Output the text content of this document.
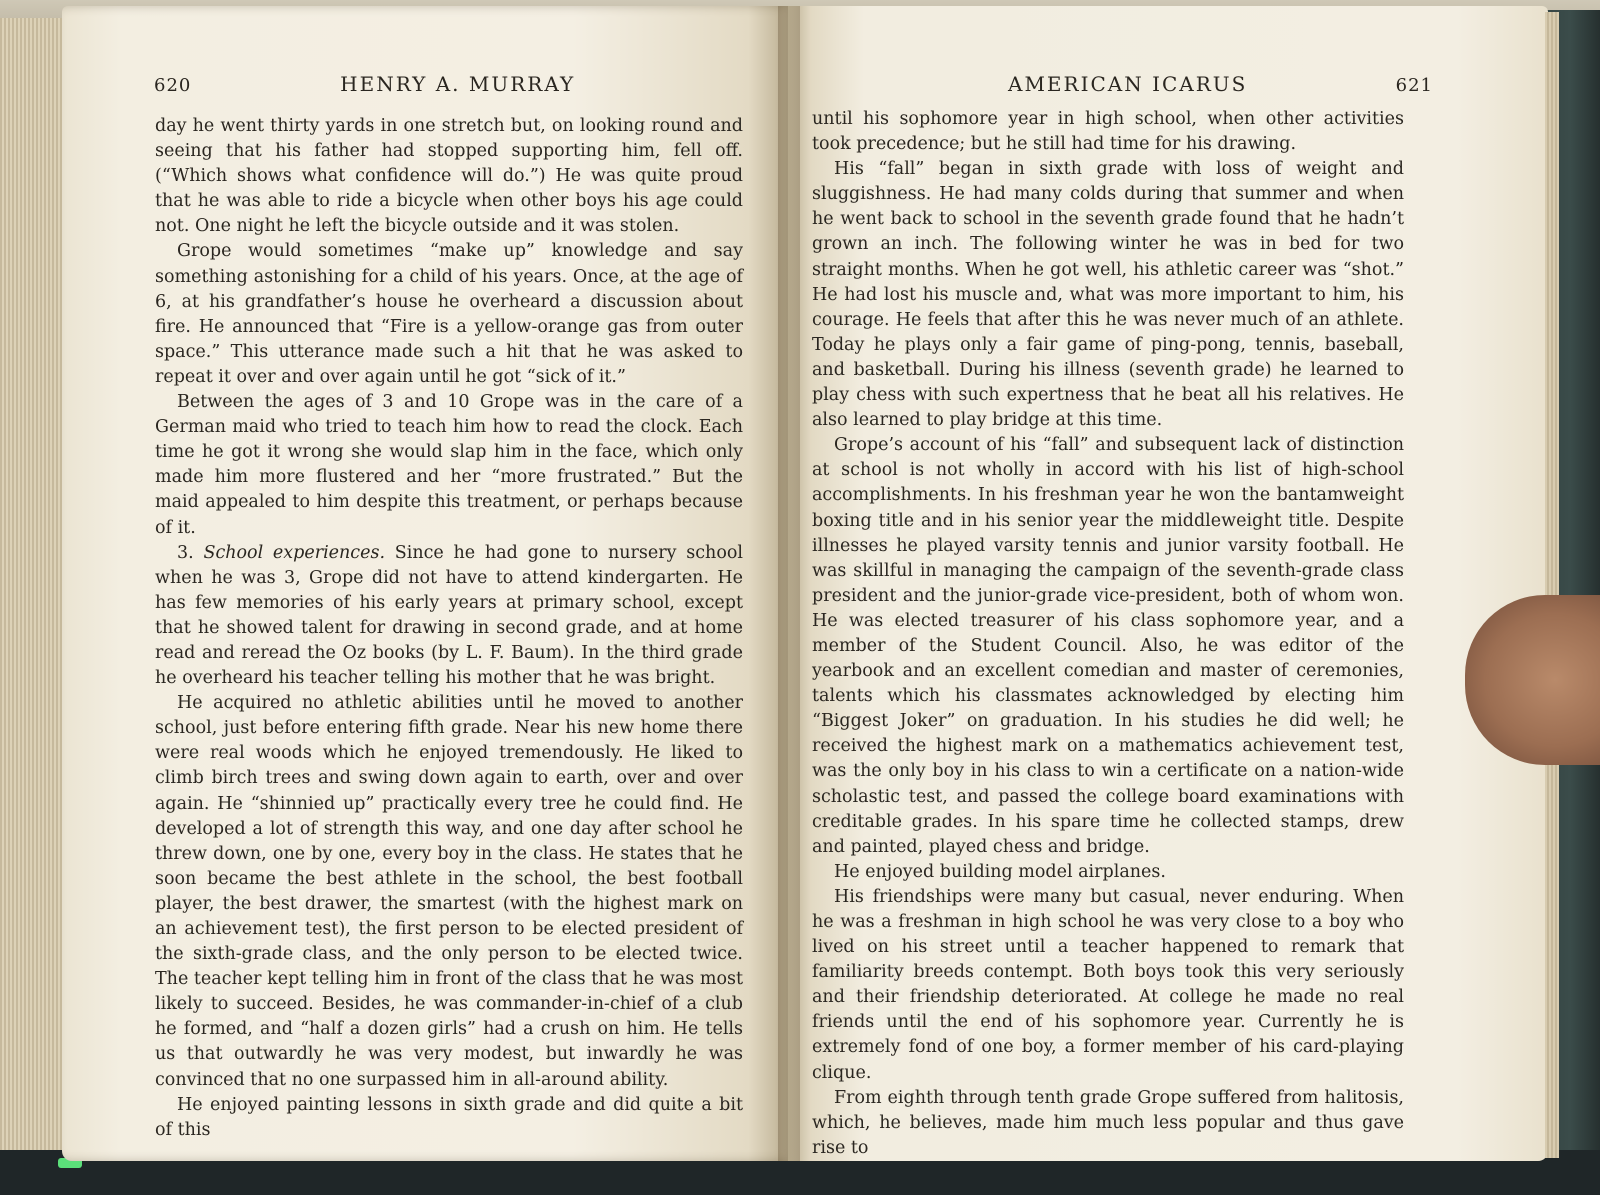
620	HENRY A. MURRAY

day he went thirty yards in one stretch but, on looking round and seeing that his father had stopped supporting him, fell off. (“Which shows what confidence will do.”) He was quite proud that he was able to ride a bicycle when other boys his age could not. One night he left the bicycle outside and it was stolen.

Grope would sometimes “make up” knowledge and say something astonishing for a child of his years. Once, at the age of 6, at his grandfather’s house he overheard a discussion about fire. He announced that “Fire is a yellow-orange gas from outer space.” This utterance made such a hit that he was asked to repeat it over and over again until he got “sick of it.”

Between the ages of 3 and 10 Grope was in the care of a German maid who tried to teach him how to read the clock. Each time he got it wrong she would slap him in the face, which only made him more flustered and her “more frustrated.” But the maid appealed to him despite this treatment, or perhaps because of it.

3. School experiences. Since he had gone to nursery school when he was 3, Grope did not have to attend kindergarten. He has few memories of his early years at primary school, except that he showed talent for drawing in second grade, and at home read and reread the Oz books (by L. F. Baum). In the third grade he overheard his teacher telling his mother that he was bright.

He acquired no athletic abilities until he moved to another school, just before entering fifth grade. Near his new home there were real woods which he enjoyed tremendously. He liked to climb birch trees and swing down again to earth, over and over again. He “shinnied up” practically every tree he could find. He developed a lot of strength this way, and one day after school he threw down, one by one, every boy in the class. He states that he soon became the best athlete in the school, the best football player, the best drawer, the smartest (with the highest mark on an achievement test), the first person to be elected president of the sixth-grade class, and the only person to be elected twice. The teacher kept telling him in front of the class that he was most likely to succeed. Besides, he was commander-in-chief of a club he formed, and “half a dozen girls” had a crush on him. He tells us that outwardly he was very modest, but inwardly he was convinced that no one surpassed him in all-around ability.

He enjoyed painting lessons in sixth grade and did quite a bit of this

AMERICAN ICARUS	621

until his sophomore year in high school, when other activities took precedence; but he still had time for his drawing.

His “fall” began in sixth grade with loss of weight and sluggishness. He had many colds during that summer and when he went back to school in the seventh grade found that he hadn’t grown an inch. The following winter he was in bed for two straight months. When he got well, his athletic career was “shot.” He had lost his muscle and, what was more important to him, his courage. He feels that after this he was never much of an athlete. Today he plays only a fair game of ping-pong, tennis, baseball, and basketball. During his illness (seventh grade) he learned to play chess with such expertness that he beat all his relatives. He also learned to play bridge at this time.

Grope’s account of his “fall” and subsequent lack of distinction at school is not wholly in accord with his list of high-school accomplishments. In his freshman year he won the bantamweight boxing title and in his senior year the middleweight title. Despite illnesses he played varsity tennis and junior varsity football. He was skillful in managing the campaign of the seventh-grade class president and the junior-grade vice-president, both of whom won. He was elected treasurer of his class sophomore year, and a member of the Student Council. Also, he was editor of the yearbook and an excellent comedian and master of ceremonies, talents which his classmates acknowledged by electing him “Biggest Joker” on graduation. In his studies he did well; he received the highest mark on a mathematics achievement test, was the only boy in his class to win a certificate on a nation-wide scholastic test, and passed the college board examinations with creditable grades. In his spare time he collected stamps, drew and painted, played chess and bridge.

He enjoyed building model airplanes.

His friendships were many but casual, never enduring. When he was a freshman in high school he was very close to a boy who lived on his street until a teacher happened to remark that familiarity breeds contempt. Both boys took this very seriously and their friendship deteriorated. At college he made no real friends until the end of his sophomore year. Currently he is extremely fond of one boy, a former member of his card-playing clique.

From eighth through tenth grade Grope suffered from halitosis, which, he believes, made him much less popular and thus gave rise to
